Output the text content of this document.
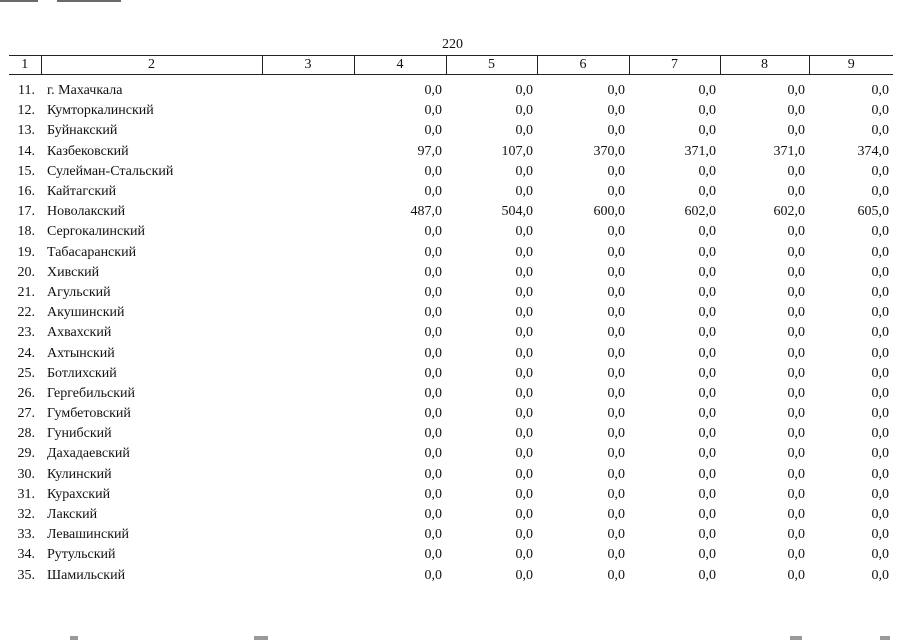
220
1	2	3	4	5	6	7	8	9
11.	г. Махачкала		0,0	0,0	0,0	0,0	0,0	0,0
12.	Кумторкалинский		0,0	0,0	0,0	0,0	0,0	0,0
13.	Буйнакский		0,0	0,0	0,0	0,0	0,0	0,0
14.	Казбековский		97,0	107,0	370,0	371,0	371,0	374,0
15.	Сулейман-Стальский		0,0	0,0	0,0	0,0	0,0	0,0
16.	Кайтагский		0,0	0,0	0,0	0,0	0,0	0,0
17.	Новолакский		487,0	504,0	600,0	602,0	602,0	605,0
18.	Сергокалинский		0,0	0,0	0,0	0,0	0,0	0,0
19.	Табасаранский		0,0	0,0	0,0	0,0	0,0	0,0
20.	Хивский		0,0	0,0	0,0	0,0	0,0	0,0
21.	Агульский		0,0	0,0	0,0	0,0	0,0	0,0
22.	Акушинский		0,0	0,0	0,0	0,0	0,0	0,0
23.	Ахвахский		0,0	0,0	0,0	0,0	0,0	0,0
24.	Ахтынский		0,0	0,0	0,0	0,0	0,0	0,0
25.	Ботлихский		0,0	0,0	0,0	0,0	0,0	0,0
26.	Гергебильский		0,0	0,0	0,0	0,0	0,0	0,0
27.	Гумбетовский		0,0	0,0	0,0	0,0	0,0	0,0
28.	Гунибский		0,0	0,0	0,0	0,0	0,0	0,0
29.	Дахадаевский		0,0	0,0	0,0	0,0	0,0	0,0
30.	Кулинский		0,0	0,0	0,0	0,0	0,0	0,0
31.	Курахский		0,0	0,0	0,0	0,0	0,0	0,0
32.	Лакский		0,0	0,0	0,0	0,0	0,0	0,0
33.	Левашинский		0,0	0,0	0,0	0,0	0,0	0,0
34.	Рутульский		0,0	0,0	0,0	0,0	0,0	0,0
35.	Шамильский		0,0	0,0	0,0	0,0	0,0	0,0
